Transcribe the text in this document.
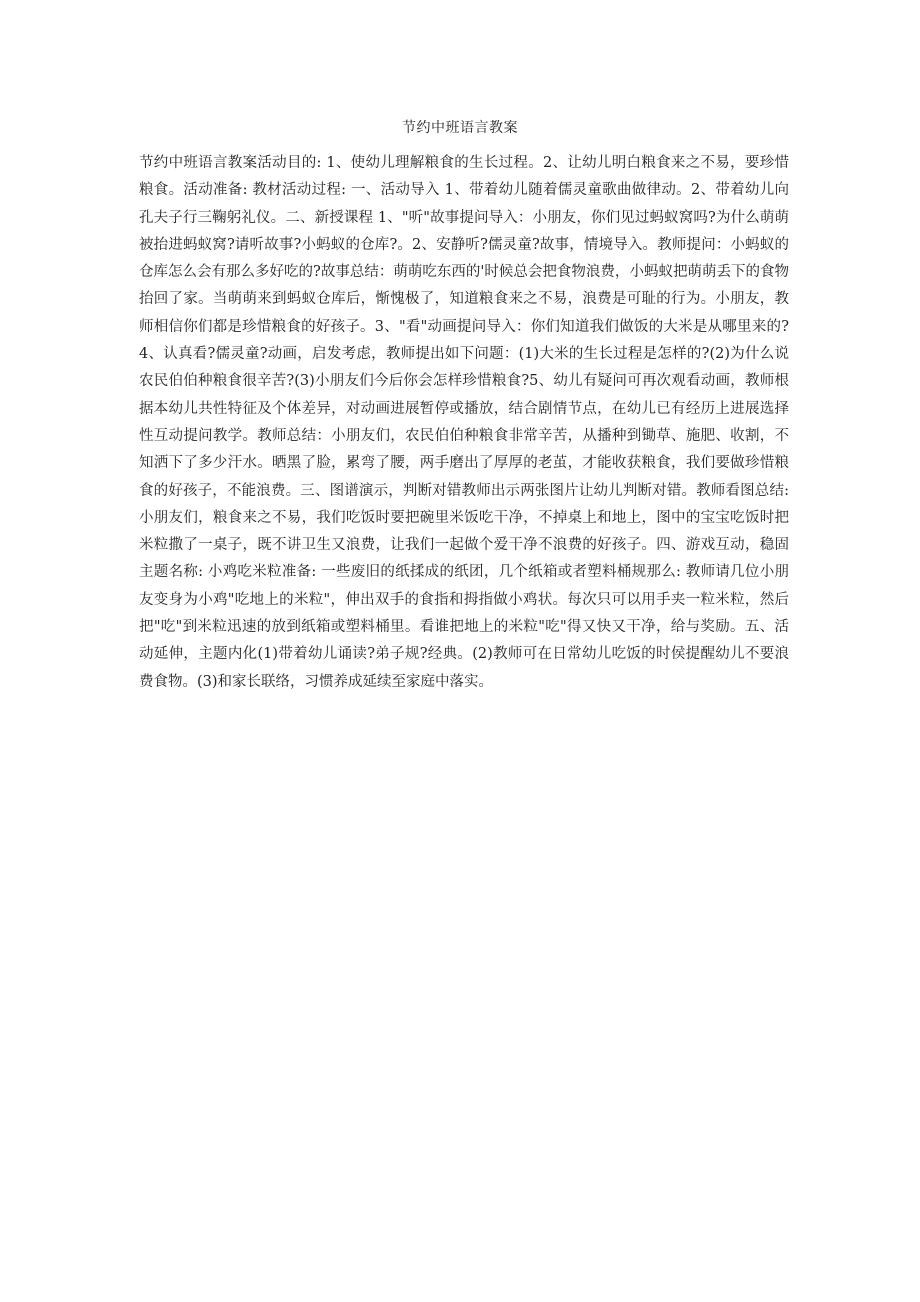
节约中班语言教案

节约中班语言教案活动目的: 1、使幼儿理解粮食的生长过程。2、让幼儿明白粮食来之不易，要珍惜粮食。活动准备: 教材活动过程: 一、活动导入 1、带着幼儿随着儒灵童歌曲做律动。2、带着幼儿向孔夫子行三鞠躬礼仪。二、新授课程 1、"听"故事提问导入：小朋友，你们见过蚂蚁窝吗?为什么萌萌被抬进蚂蚁窝?请听故事?小蚂蚁的仓库?。2、安静听?儒灵童?故事，情境导入。教师提问：小蚂蚁的仓库怎么会有那么多好吃的?故事总结：萌萌吃东西的'时候总会把食物浪费，小蚂蚁把萌萌丢下的食物抬回了家。当萌萌来到蚂蚁仓库后，惭愧极了，知道粮食来之不易，浪费是可耻的行为。小朋友，教师相信你们都是珍惜粮食的好孩子。3、"看"动画提问导入：你们知道我们做饭的大米是从哪里来的?4、认真看?儒灵童?动画，启发考虑，教师提出如下问题：(1)大米的生长过程是怎样的?(2)为什么说农民伯伯种粮食很辛苦?(3)小朋友们今后你会怎样珍惜粮食?5、幼儿有疑问可再次观看动画，教师根据本幼儿共性特征及个体差异，对动画进展暂停或播放，结合剧情节点，在幼儿已有经历上进展选择性互动提问教学。教师总结：小朋友们，农民伯伯种粮食非常辛苦，从播种到锄草、施肥、收割，不知洒下了多少汗水。晒黑了脸，累弯了腰，两手磨出了厚厚的老茧，才能收获粮食，我们要做珍惜粮食的好孩子，不能浪费。三、图谱演示，判断对错教师出示两张图片让幼儿判断对错。教师看图总结: 小朋友们，粮食来之不易，我们吃饭时要把碗里米饭吃干净，不掉桌上和地上，图中的宝宝吃饭时把米粒撒了一桌子，既不讲卫生又浪费，让我们一起做个爱干净不浪费的好孩子。四、游戏互动，稳固主题名称: 小鸡吃米粒准备: 一些废旧的纸揉成的纸团，几个纸箱或者塑料桶规那么: 教师请几位小朋友变身为小鸡"吃地上的米粒"，伸出双手的食指和拇指做小鸡状。每次只可以用手夹一粒米粒，然后把"吃"到米粒迅速的放到纸箱或塑料桶里。看谁把地上的米粒"吃"得又快又干净，给与奖励。五、活动延伸，主题内化(1)带着幼儿诵读?弟子规?经典。(2)教师可在日常幼儿吃饭的时侯提醒幼儿不要浪费食物。(3)和家长联络，习惯养成延续至家庭中落实。
